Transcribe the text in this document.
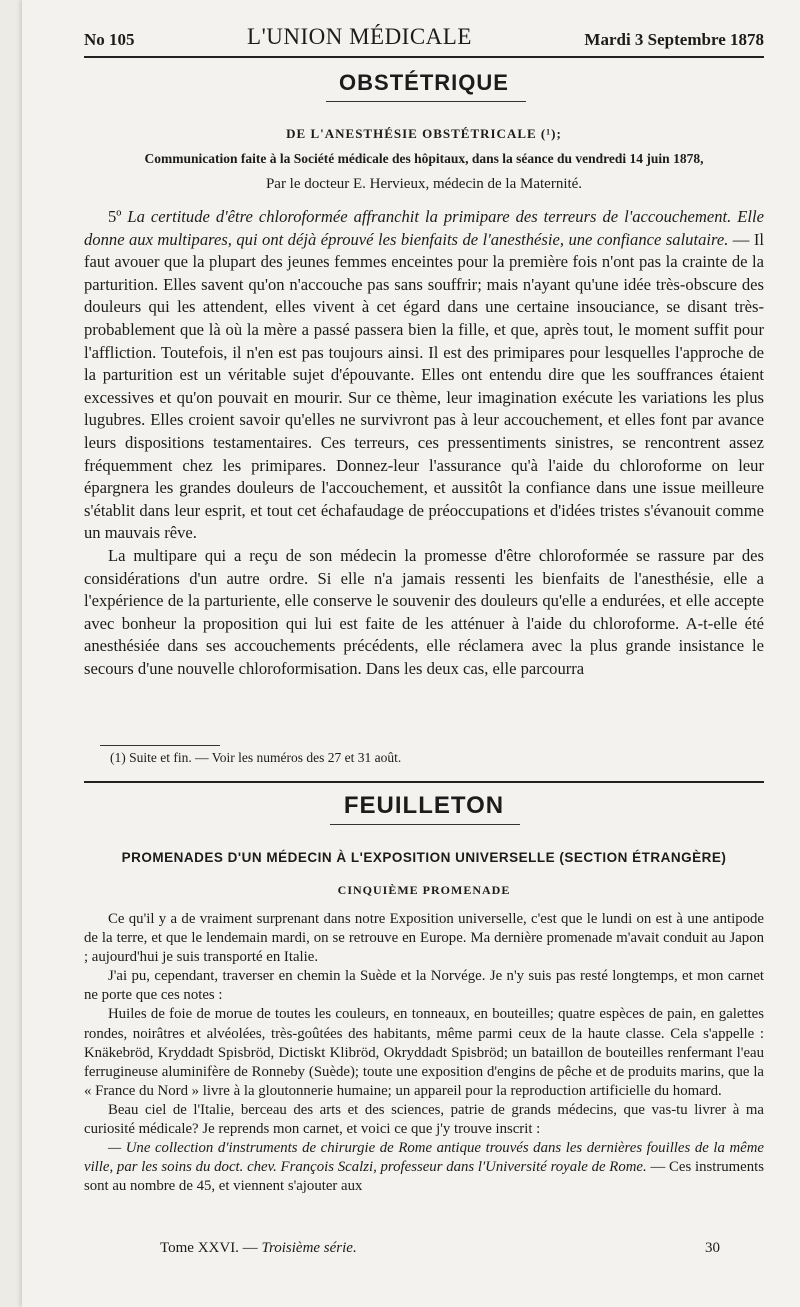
No 105	L'UNION MÉDICALE	Mardi 3 Septembre 1878
OBSTÉTRIQUE
DE L'ANESTHÉSIE OBSTÉTRICALE (¹);
Communication faite à la Société médicale des hôpitaux, dans la séance du vendredi 14 juin 1878,
Par le docteur E. Hervieux, médecin de la Maternité.

5º La certitude d'être chloroformée affranchit la primipare des terreurs de l'accouchement. Elle donne aux multipares, qui ont déjà éprouvé les bienfaits de l'anesthésie, une confiance salutaire. — Il faut avouer que la plupart des jeunes femmes enceintes pour la première fois n'ont pas la crainte de la parturition. Elles savent qu'on n'accouche pas sans souffrir; mais n'ayant qu'une idée très-obscure des douleurs qui les attendent, elles vivent à cet égard dans une certaine insouciance, se disant très-probablement que là où la mère a passé passera bien la fille, et que, après tout, le moment suffit pour l'affliction. Toutefois, il n'en est pas toujours ainsi. Il est des primipares pour lesquelles l'approche de la parturition est un véritable sujet d'épouvante. Elles ont entendu dire que les souffrances étaient excessives et qu'on pouvait en mourir. Sur ce thème, leur imagination exécute les variations les plus lugubres. Elles croient savoir qu'elles ne survivront pas à leur accouchement, et elles font par avance leurs dispositions testamentaires. Ces terreurs, ces pressentiments sinistres, se rencontrent assez fréquemment chez les primipares. Donnez-leur l'assurance qu'à l'aide du chloroforme on leur épargnera les grandes douleurs de l'accouchement, et aussitôt la confiance dans une issue meilleure s'établit dans leur esprit, et tout cet échafaudage de préoccupations et d'idées tristes s'évanouit comme un mauvais rêve.

La multipare qui a reçu de son médecin la promesse d'être chloroformée se rassure par des considérations d'un autre ordre. Si elle n'a jamais ressenti les bienfaits de l'anesthésie, elle a l'expérience de la parturiente, elle conserve le souvenir des douleurs qu'elle a endurées, et elle accepte avec bonheur la proposition qui lui est faite de les atténuer à l'aide du chloroforme. A-t-elle été anesthésiée dans ses accouchements précédents, elle réclamera avec la plus grande insistance le secours d'une nouvelle chloroformisation. Dans les deux cas, elle parcourra

(1) Suite et fin. — Voir les numéros des 27 et 31 août.
FEUILLETON
PROMENADES D'UN MÉDECIN À L'EXPOSITION UNIVERSELLE (SECTION ÉTRANGÈRE)
CINQUIÈME PROMENADE

Ce qu'il y a de vraiment surprenant dans notre Exposition universelle, c'est que le lundi on est à une antipode de la terre, et que le lendemain mardi, on se retrouve en Europe. Ma dernière promenade m'avait conduit au Japon ; aujourd'hui je suis transporté en Italie.

J'ai pu, cependant, traverser en chemin la Suède et la Norvége. Je n'y suis pas resté longtemps, et mon carnet ne porte que ces notes :

Huiles de foie de morue de toutes les couleurs, en tonneaux, en bouteilles; quatre espèces de pain, en galettes rondes, noirâtres et alvéolées, très-goûtées des habitants, même parmi ceux de la haute classe. Cela s'appelle : Knäkebröd, Kryddadt Spisbröd, Dictiskt Klibröd, Okryddadt Spisbröd; un bataillon de bouteilles renfermant l'eau ferrugineuse aluminifère de Ronneby (Suède); toute une exposition d'engins de pêche et de produits marins, que la « France du Nord » livre à la gloutonnerie humaine; un appareil pour la reproduction artificielle du homard.

Beau ciel de l'Italie, berceau des arts et des sciences, patrie de grands médecins, que vas-tu livrer à ma curiosité médicale? Je reprends mon carnet, et voici ce que j'y trouve inscrit :

— Une collection d'instruments de chirurgie de Rome antique trouvés dans les dernières fouilles de la même ville, par les soins du doct. chev. François Scalzi, professeur dans l'Université royale de Rome. — Ces instruments sont au nombre de 45, et viennent s'ajouter aux

Tome XXVI. — Troisième série.	30
